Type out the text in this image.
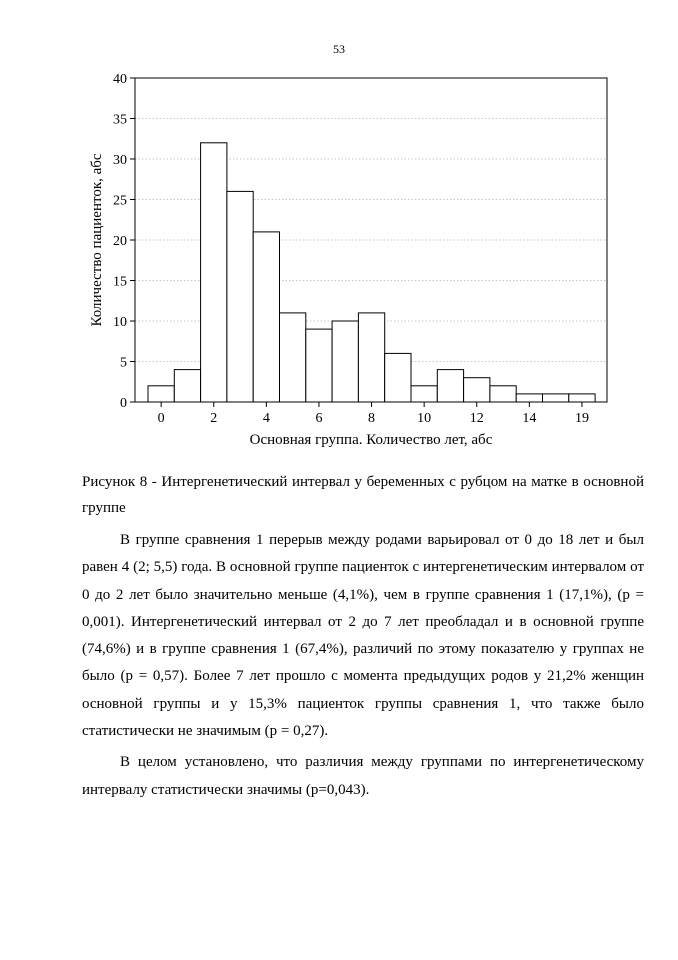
53
0
5
10
15
20
25
30
35
40
0	2	4	6	8	10	12	14	19
Количество пациенток, абс
Основная группа. Количество лет, абс

Рисунок 8 - Интергенетический интервал у беременных с рубцом на матке в основной группе

В группе сравнения 1 перерыв между родами варьировал от 0 до 18 лет и был равен 4 (2; 5,5) года. В основной группе пациенток с интергенетическим интервалом от 0 до 2 лет было значительно меньше (4,1%), чем в группе сравнения 1 (17,1%), (p = 0,001). Интергенетический интервал от 2 до 7 лет преобладал и в основной группе (74,6%) и в группе сравнения 1 (67,4%), различий по этому показателю у группах не было (p = 0,57). Более 7 лет прошло с момента предыдущих родов у 21,2% женщин основной группы и у 15,3% пациенток группы сравнения 1, что также было статистически не значимым (p = 0,27).

В целом установлено, что различия между группами по интергенетическому интервалу статистически значимы (p=0,043).
